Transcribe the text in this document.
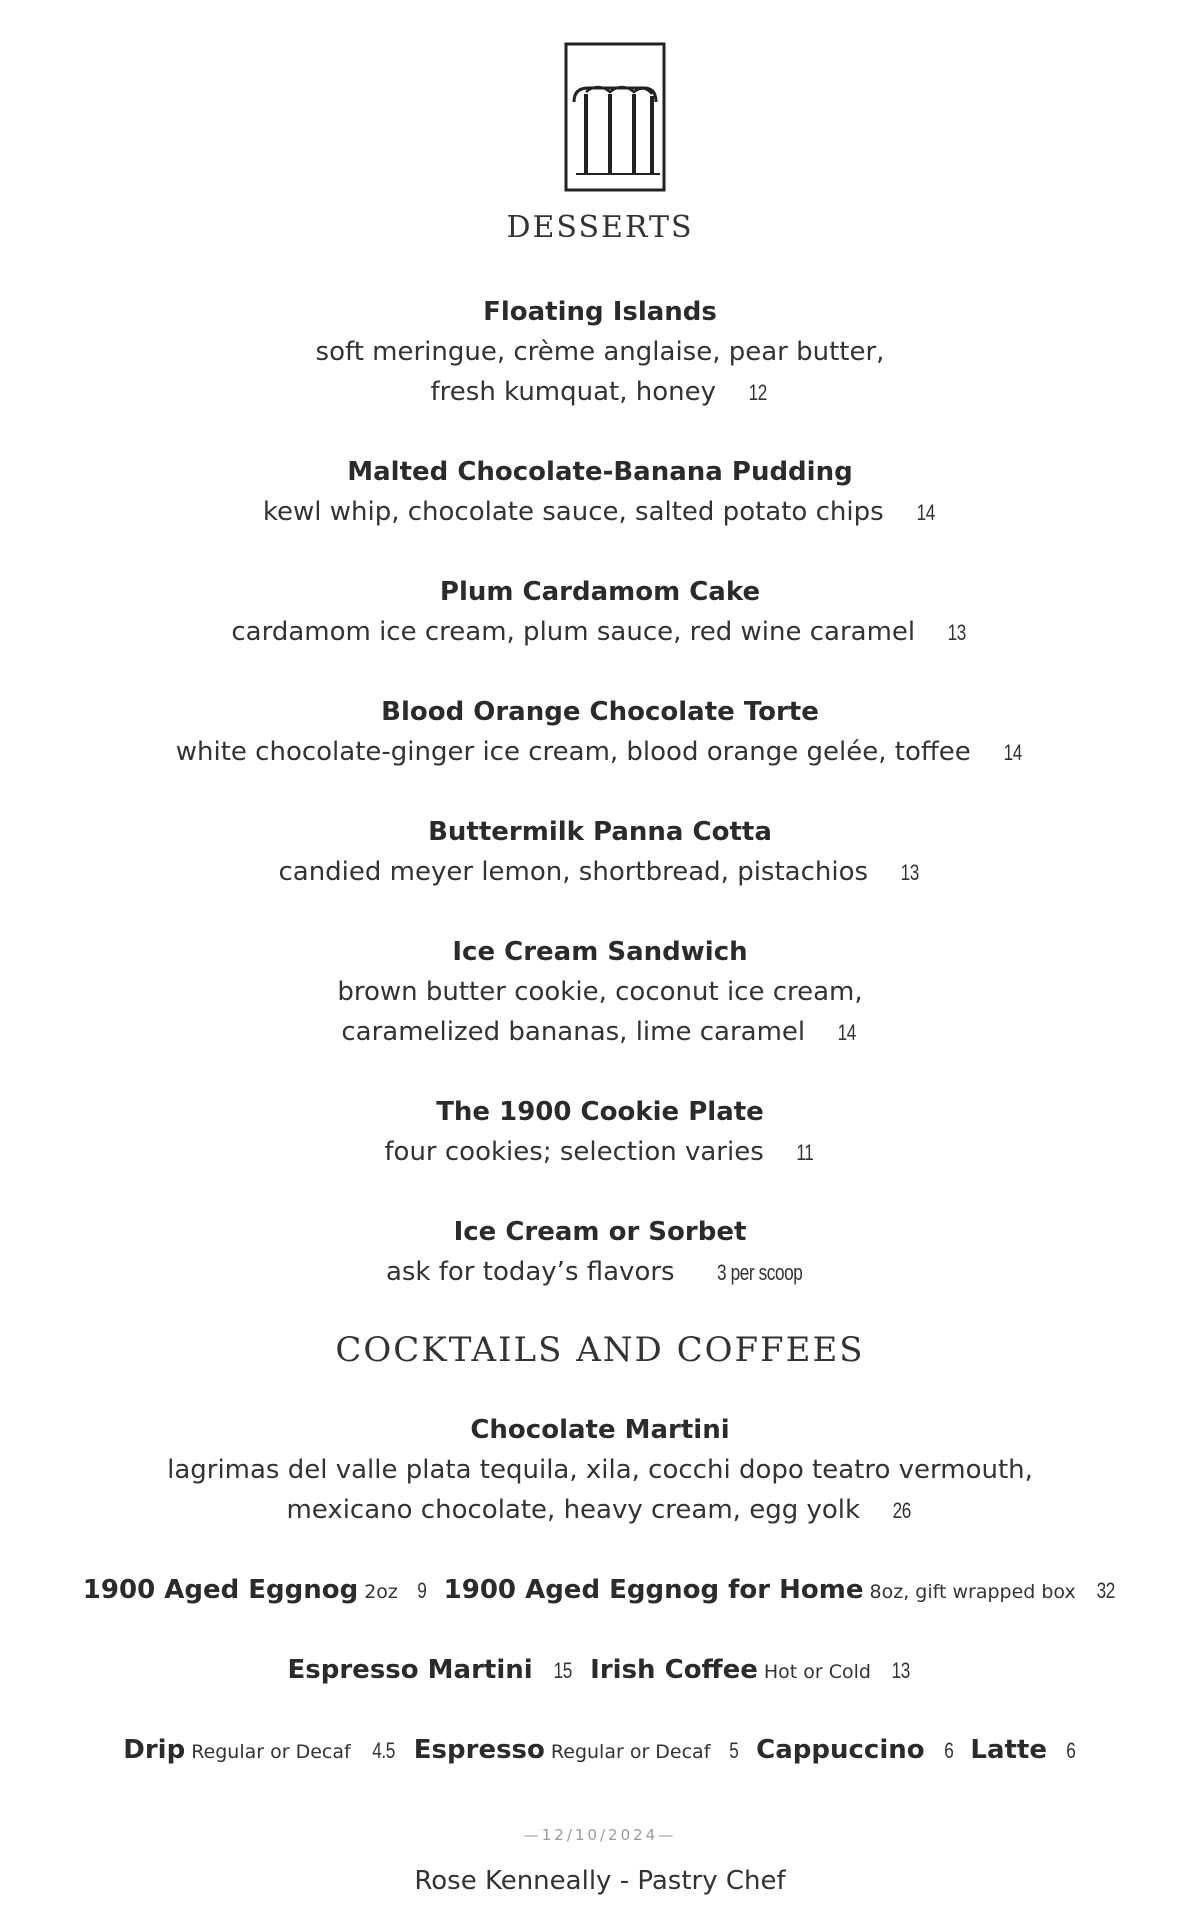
DESSERTS
Floating Islands
soft meringue, crème anglaise, pear butter,
fresh kumquat, honey 12
Malted Chocolate-Banana Pudding
kewl whip, chocolate sauce, salted potato chips 14
Plum Cardamom Cake
cardamom ice cream, plum sauce, red wine caramel 13
Blood Orange Chocolate Torte
white chocolate-ginger ice cream, blood orange gelée, toffee 14
Buttermilk Panna Cotta
candied meyer lemon, shortbread, pistachios 13
Ice Cream Sandwich
brown butter cookie, coconut ice cream,
caramelized bananas, lime caramel 14
The 1900 Cookie Plate
four cookies; selection varies 11
Ice Cream or Sorbet
ask for today’s flavors 3 per scoop
COCKTAILS AND COFFEES
Chocolate Martini
lagrimas del valle plata tequila, xila, cocchi dopo teatro vermouth,
mexicano chocolate, heavy cream, egg yolk 26
1900 Aged Eggnog 2oz 9 1900 Aged Eggnog for Home 8oz, gift wrapped box 32
Espresso Martini 15 Irish Coffee Hot or Cold 13
Drip Regular or Decaf 4.5 Espresso Regular or Decaf 5 Cappuccino 6 Latte 6
—12/10/2024—
Rose Kenneally - Pastry Chef
